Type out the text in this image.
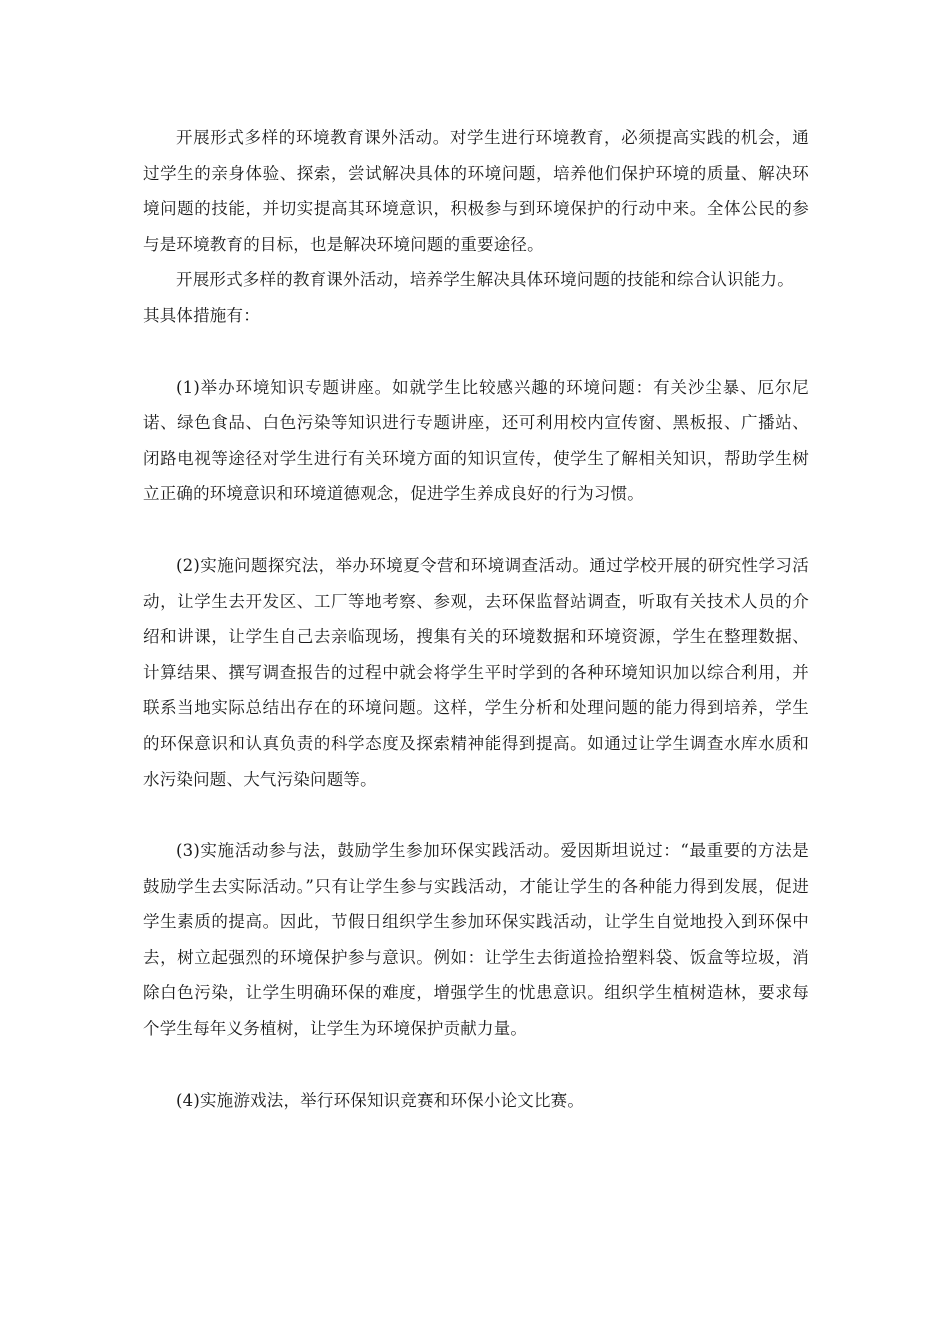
开展形式多样的环境教育课外活动。对学生进行环境教育，必须提高实践的机会，通过学生的亲身体验、探索，尝试解决具体的环境问题，培养他们保护环境的质量、解决环境问题的技能，并切实提高其环境意识，积极参与到环境保护的行动中来。全体公民的参与是环境教育的目标，也是解决环境问题的重要途径。

开展形式多样的教育课外活动，培养学生解决具体环境问题的技能和综合认识能力。

其具体措施有：

(1)举办环境知识专题讲座。如就学生比较感兴趣的环境问题：有关沙尘暴、厄尔尼诺、绿色食品、白色污染等知识进行专题讲座，还可利用校内宣传窗、黑板报、广播站、闭路电视等途径对学生进行有关环境方面的知识宣传，使学生了解相关知识，帮助学生树立正确的环境意识和环境道德观念，促进学生养成良好的行为习惯。

(2)实施问题探究法，举办环境夏令营和环境调查活动。通过学校开展的研究性学习活动，让学生去开发区、工厂等地考察、参观，去环保监督站调查，听取有关技术人员的介绍和讲课，让学生自己去亲临现场，搜集有关的环境数据和环境资源，学生在整理数据、计算结果、撰写调查报告的过程中就会将学生平时学到的各种环境知识加以综合利用，并联系当地实际总结出存在的环境问题。这样，学生分析和处理问题的能力得到培养，学生的环保意识和认真负责的科学态度及探索精神能得到提高。如通过让学生调查水库水质和水污染问题、大气污染问题等。

(3)实施活动参与法，鼓励学生参加环保实践活动。爱因斯坦说过：“最重要的方法是鼓励学生去实际活动。”只有让学生参与实践活动，才能让学生的各种能力得到发展，促进学生素质的提高。因此，节假日组织学生参加环保实践活动，让学生自觉地投入到环保中去，树立起强烈的环境保护参与意识。例如：让学生去街道捡拾塑料袋、饭盒等垃圾，消除白色污染，让学生明确环保的难度，增强学生的忧患意识。组织学生植树造林，要求每个学生每年义务植树，让学生为环境保护贡献力量。

(4)实施游戏法，举行环保知识竞赛和环保小论文比赛。
